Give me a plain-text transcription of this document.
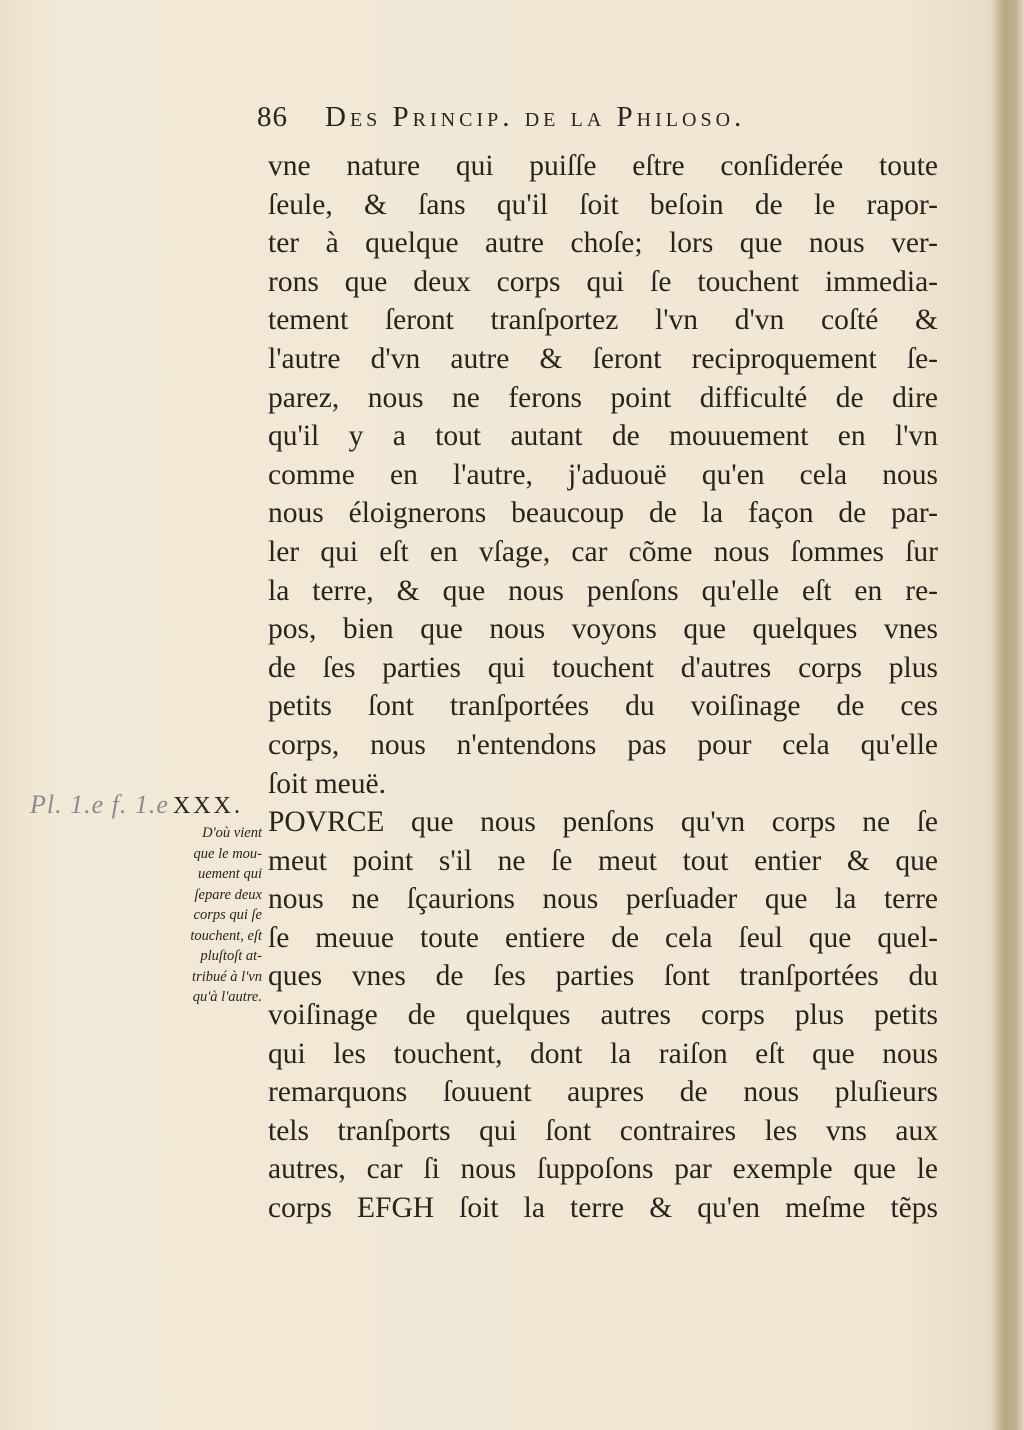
86 Des Princip. de la Philoso.
Pl. 1.e f. 1.e XXX.
D'où vient
que le mou-
uement qui
ſepare deux
corps qui ſe
touchent, eſt
pluſtoſt at-
tribué à l'vn
qu'à l'autre.
vne nature qui puiſſe eſtre conſiderée toute
ſeule, & ſans qu'il ſoit beſoin de le rapor-
ter à quelque autre choſe; lors que nous ver-
rons que deux corps qui ſe touchent immedia-
tement ſeront tranſportez l'vn d'vn coſté &
l'autre d'vn autre & ſeront reciproquement ſe-
parez, nous ne ferons point difficulté de dire
qu'il y a tout autant de mouuement en l'vn
comme en l'autre, j'aduouë qu'en cela nous
nous éloignerons beaucoup de la façon de par-
ler qui eſt en vſage, car cõme nous ſommes ſur
la terre, & que nous penſons qu'elle eſt en re-
pos, bien que nous voyons que quelques vnes
de ſes parties qui touchent d'autres corps plus
petits ſont tranſportées du voiſinage de ces
corps, nous n'entendons pas pour cela qu'elle
ſoit meuë.
POVRCE que nous penſons qu'vn corps ne ſe
meut point s'il ne ſe meut tout entier & que
nous ne ſçaurions nous perſuader que la terre
ſe meuue toute entiere de cela ſeul que quel-
ques vnes de ſes parties ſont tranſportées du
voiſinage de quelques autres corps plus petits
qui les touchent, dont la raiſon eſt que nous
remarquons ſouuent aupres de nous pluſieurs
tels tranſports qui ſont contraires les vns aux
autres, car ſi nous ſuppoſons par exemple que le
corps EFGH ſoit la terre & qu'en meſme tẽps
